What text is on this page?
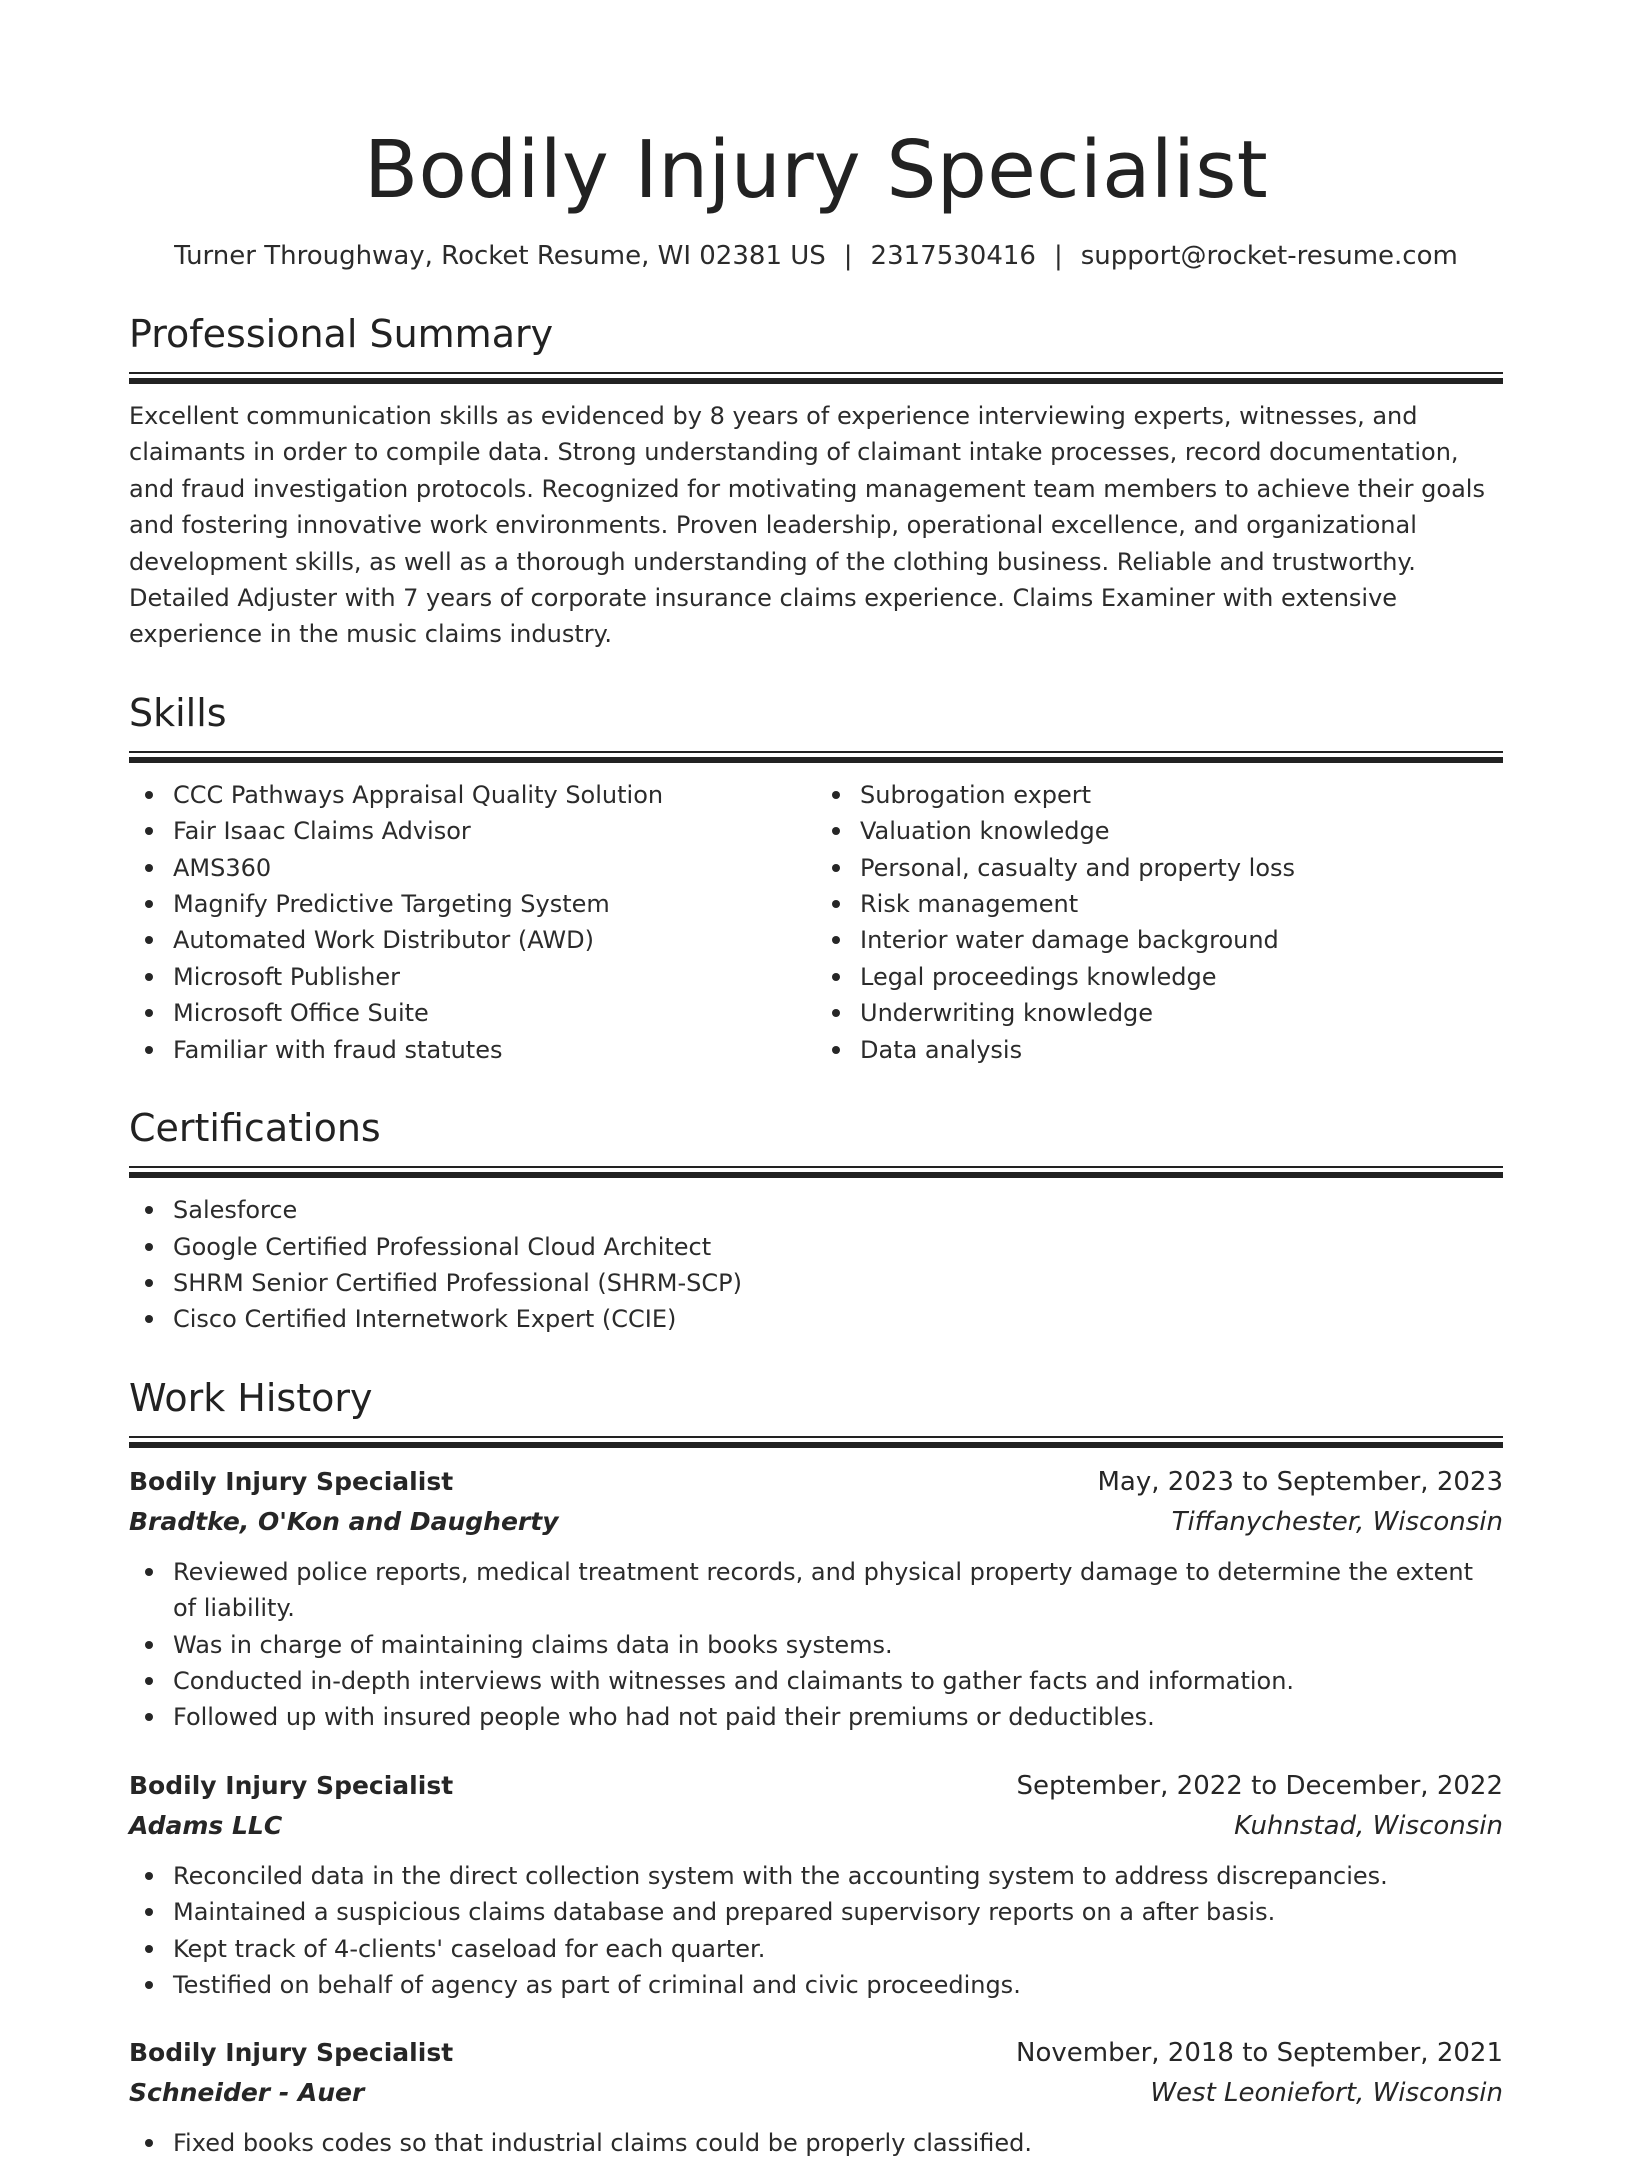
Bodily Injury Specialist
Turner Throughway, Rocket Resume, WI 02381 US | 2317530416 | support@rocket-resume.com
Professional Summary

Excellent communication skills as evidenced by 8 years of experience interviewing experts, witnesses, and claimants in order to compile data. Strong understanding of claimant intake processes, record documentation, and fraud investigation protocols. Recognized for motivating management team members to achieve their goals and fostering innovative work environments. Proven leadership, operational excellence, and organizational development skills, as well as a thorough understanding of the clothing business. Reliable and trustworthy. Detailed Adjuster with 7 years of corporate insurance claims experience. Claims Examiner with extensive experience in the music claims industry.

Skills
CCC Pathways Appraisal Quality Solution
Fair Isaac Claims Advisor
AMS360
Magnify Predictive Targeting System
Automated Work Distributor (AWD)
Microsoft Publisher
Microsoft Office Suite
Familiar with fraud statutes
Subrogation expert
Valuation knowledge
Personal, casualty and property loss
Risk management
Interior water damage background
Legal proceedings knowledge
Underwriting knowledge
Data analysis
Certifications
Salesforce
Google Certified Professional Cloud Architect
SHRM Senior Certified Professional (SHRM-SCP)
Cisco Certified Internetwork Expert (CCIE)
Work History
Bodily Injury Specialist	May, 2023 to September, 2023
Bradtke, O'Kon and Daugherty	Tiffanychester, Wisconsin
Reviewed police reports, medical treatment records, and physical property damage to determine the extent of liability.
Was in charge of maintaining claims data in books systems.
Conducted in-depth interviews with witnesses and claimants to gather facts and information.
Followed up with insured people who had not paid their premiums or deductibles.
Bodily Injury Specialist	September, 2022 to December, 2022
Adams LLC	Kuhnstad, Wisconsin
Reconciled data in the direct collection system with the accounting system to address discrepancies.
Maintained a suspicious claims database and prepared supervisory reports on a after basis.
Kept track of 4-clients' caseload for each quarter.
Testified on behalf of agency as part of criminal and civic proceedings.
Bodily Injury Specialist	November, 2018 to September, 2021
Schneider - Auer	West Leoniefort, Wisconsin
Fixed books codes so that industrial claims could be properly classified.
